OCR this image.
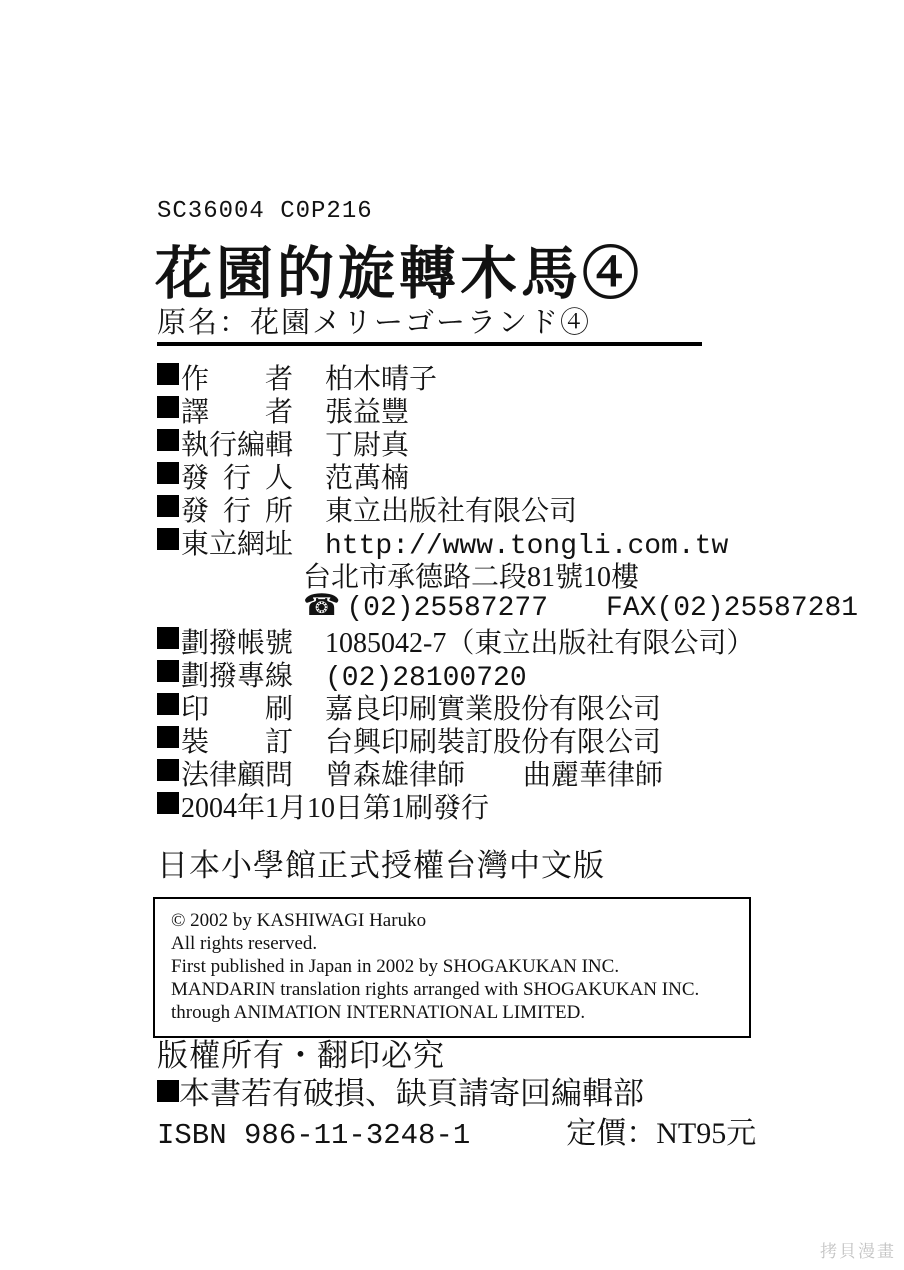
SC36004 C0P216
花園的旋轉木馬④
原名：花園メリーゴーランド④
作 者 柏木晴子
譯 者 張益豐
執 行 編 輯 丁尉真
發 行 人 范萬楠
發 行 所 東立出版社有限公司
東 立 網 址 http://www.tongli.com.tw
台北市承德路二段81號10樓
☎ (02)25587277 FAX(02)25587281
劃 撥 帳 號 1085042-7（東立出版社有限公司）
劃 撥 專 線 (02)28100720
印 刷 嘉良印刷實業股份有限公司
裝 訂 台興印刷裝訂股份有限公司
法 律 顧 問 曾森雄律師 曲麗華律師
2004年1月10日第1刷發行
日本小學館正式授權台灣中文版
© 2002 by KASHIWAGI Haruko
All rights reserved.
First published in Japan in 2002 by SHOGAKUKAN INC.
MANDARIN translation rights arranged with SHOGAKUKAN INC.
through ANIMATION INTERNATIONAL LIMITED.
版權所有・翻印必究
本書若有破損、缺頁請寄回編輯部
ISBN 986-11-3248-1	定價：NT95元
拷貝漫畫
